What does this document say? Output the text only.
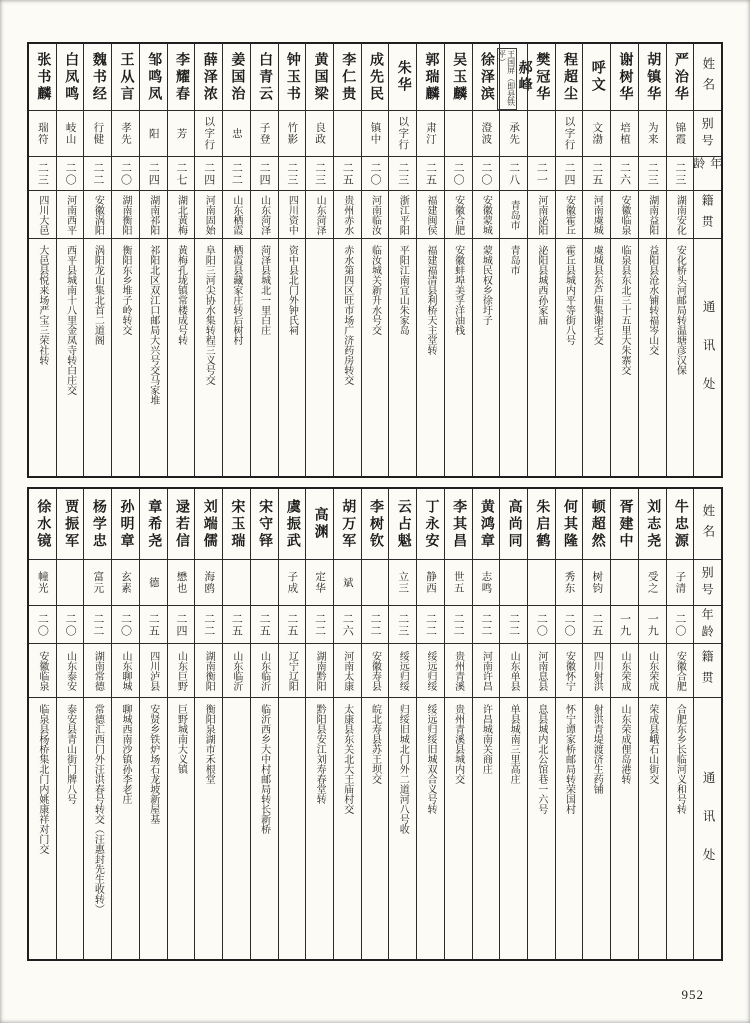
姓名
别号
年龄
籍贯
通讯处
严治华
锦霞
二三
湖南安化
安化桥头河邮局转温塘彦汉保
胡镇华
为来
二三
湖南益阳
益阳县沧水铺转福岑山交
谢树华
培植
二六
安徽临泉
临泉县东北三十五里大朱寨交
呼文
文渤
二五
河南虞城
虞城县东芦庙集谢宅交
程超尘
以字行
二四
安徽霍丘
霍丘县城内平等街八号
樊冠华
二一
河南泌阳
泌阳县城西孙家庙
郝峰
王国屏（即县铁平）
承先
二八
青岛市
青岛市
徐泽滨
澄波
二〇
安徽蒙城
蒙城民权乡徐圩子
吴玉麟
二〇
安徽合肥
安徽蚌埠美孚洋油栈
郭瑞麟
肃汀
二五
福建闽侯
福建福清县利桥天主堂转
朱华
以字行
二三
浙江平阳
平阳江南宜山朱家岛
成先民
镇中
二〇
河南临汝
临汝城关新升水号交
李仁贵
二五
贵州赤水
赤水第四区旺市场广济药房转交
黄国梁
良政
二三
山东菏泽
钟玉书
竹影
二三
四川资中
资中县北门外钟氏祠
白青云
子登
二四
山东菏泽
菏泽县城北一里白庄
姜国治
忠
二二
山东栖霞
栖霞县藏家庄转后树村
薛泽浓
以字行
二四
河南固始
阜阳三河尖协水集转程三义号交
李耀春
芳
二七
湖北黄梅
黄梅孔垅镇常楼成号转
邹鸣凤
阳
二四
湖南祁阳
祁阳北区双江口邮局大兴号交马家堆
王从言
孝先
二〇
湖南衡阳
衡阳东乡堆子岭转交
魏书经
行健
二二
安徽涡阳
涡阳龙山集北首二道阁
白凤鸣
岐山
二〇
河南西平
西平县城南十八里金凤寺转白庄交
张书麟
瑞符
二三
四川大邑
大邑县悦来场严宝三荣社转
姓名
别号
年龄
籍贯
通讯处
牛忠源
子清
二〇
安徽合肥
合肥东乡长临河义和号转
刘志尧
受之
一九
山东荣成
荣成县峨石山街交
胥建中
一九
山东荣成
山东荣成俚岛港转
顿超然
树钧
二五
四川射洪
射洪青堤渡济生药铺
何其隆
秀东
二〇
安徽怀宁
怀宁谭家桥邮局转荣国村
朱启鹤
二〇
河南息县
息县城内北公馆巷一六号
高尚同
二二
山东单县
单县城南三里高庄
黄鸿章
志鸣
二二
河南许昌
许昌城南关商庄
李其昌
世五
二二
贵州青溪
贵州青溪县城内交
丁永安
静西
二二
绥远归绥
绥远归绥旧城双合义号转
云占魁
立三
二三
绥远归绥
归绥旧城北门外二道河八号收
李树钦
二二
安徽寿县
皖北寿县苏王坝交
胡万军
斌
二六
河南太康
太康县东关北大王庙村交
高渊
定华
二二
湖南黔阳
黔阳县安江刘寿春堂转
虞振武
子成
二五
辽宁辽阳
宋守铎
二五
山东临沂
临沂西乡大中村邮局转长新桥
宋玉瑞
二五
山东临沂
刘端儒
海鸥
二二
湖南衡阳
衡阳泉湖市禾根堂
逯若信
懋也
二四
山东巨野
巨野城南大义镇
章希尧
德
二五
四川泸县
安贤乡铁炉场石龙坡新屋基
孙明章
玄素
二〇
山东聊城
聊城西南沙镇孙李老庄
杨学忠
富元
二二
湖南常德
常德汇西门外汪洪春号转交（汪惠封先生收转）
贾振军
二〇
山东泰安
泰安县青山街门牌八号
徐水镜
幢光
二〇
安徽临泉
临泉县杨桥集北门内姚康祥对门交
952
